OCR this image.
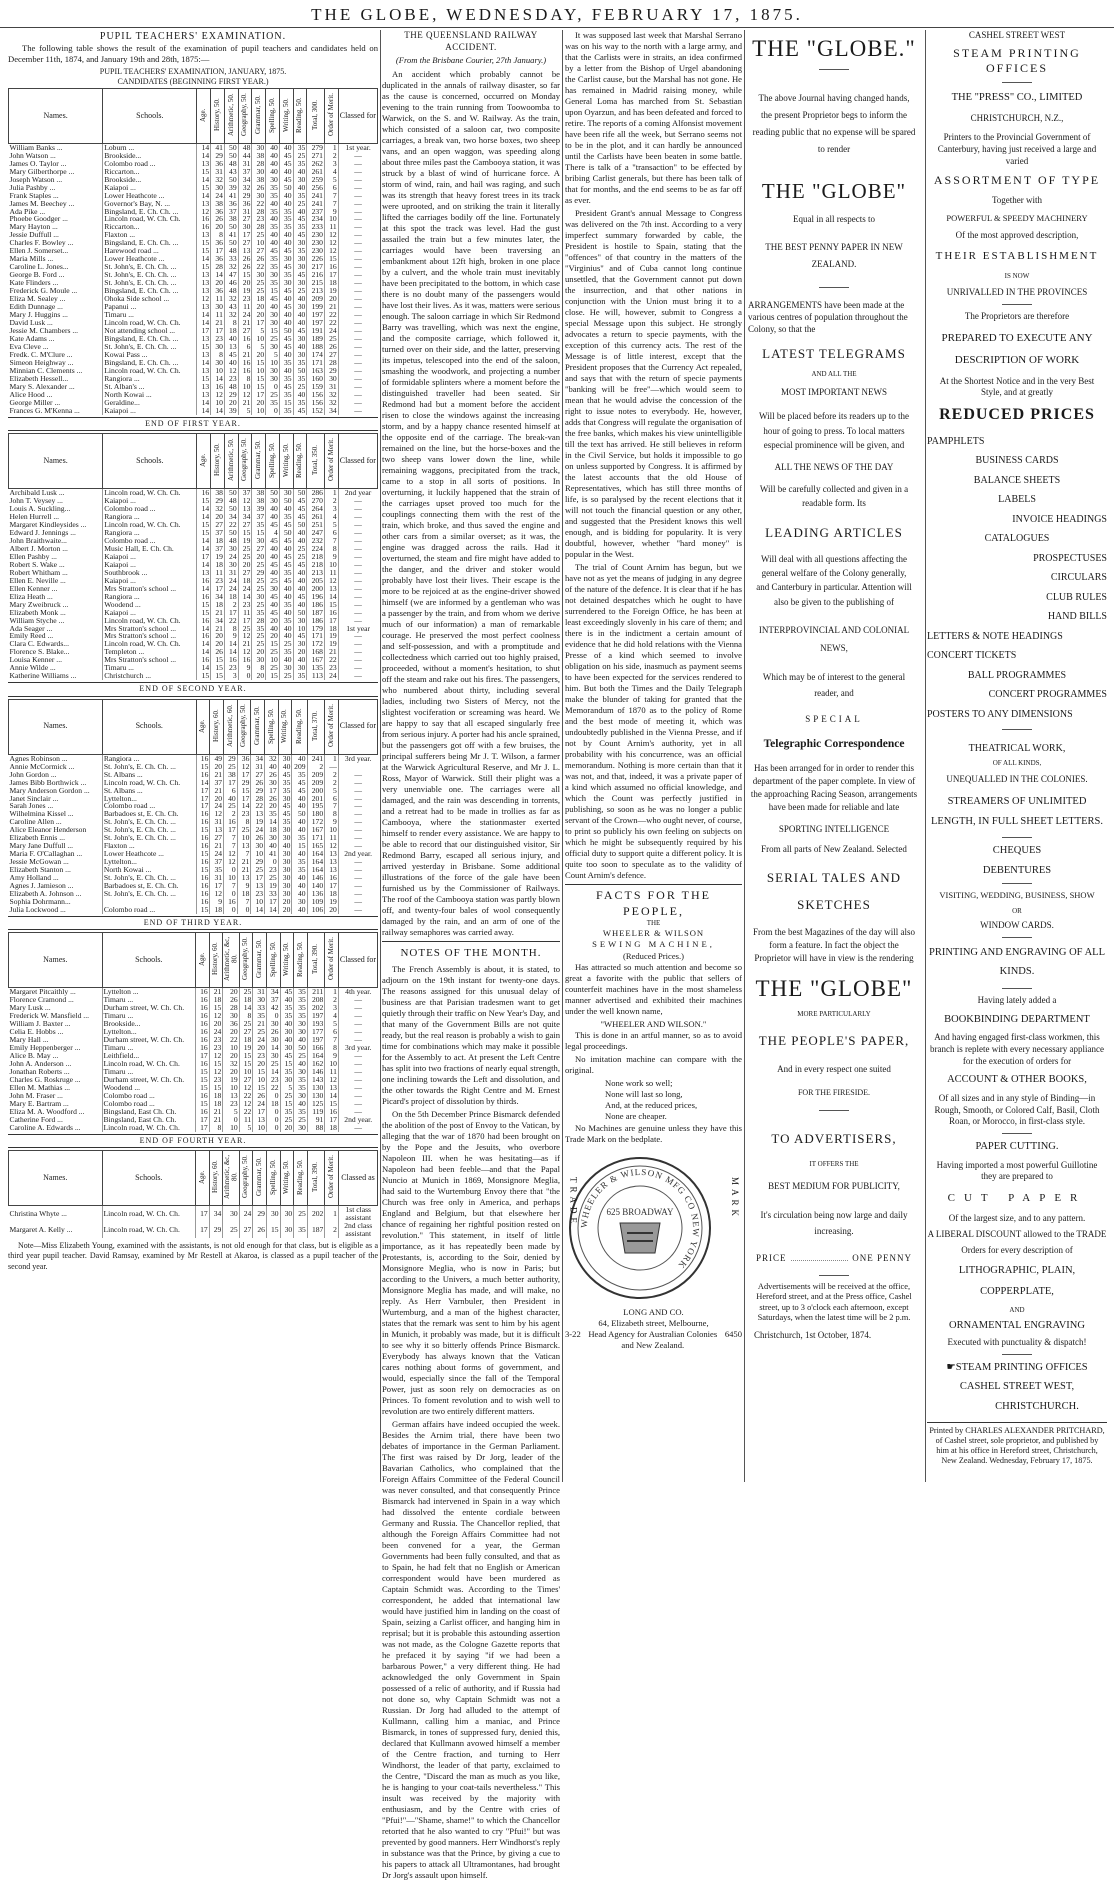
THE GLOBE, WEDNESDAY, FEBRUARY 17, 1875.
PUPIL TEACHERS' EXAMINATION.

The following table shows the result of the examination of pupil teachers and candidates held on December 11th, 1874, and January 19th and 28th, 1875:—

PUPIL TEACHERS' EXAMINATION, JANUARY, 1875.
CANDIDATES (BEGINNING FIRST YEAR.)
Names.	Schools.	Age.	History, 50.	Arithmetic, 50.	Geography, 50.	Grammar, 50.	Spelling, 50.	Writing, 50.	Reading, 50.	Total, 300.	Order of Merit.	Classed for
William Banks ...	Loburn ...	14	41	50	48	30	40	40	35	279	1	1st year.
John Watson ...	Brookside...	14	29	50	44	38	40	45	25	271	2	—
James O. Taylor ...	Colombo road ...	13	36	48	31	28	40	45	35	262	3	—
Mary Gilberthorpe ...	Riccarton...	15	31	43	37	30	40	40	40	261	4	—
Joseph Watson ...	Brookside...	14	32	50	34	38	30	45	30	259	5	—
Julia Pashby ...	Kaiapoi ...	15	30	39	32	26	35	50	40	256	6	—
Frank Staples ...	Lower Heathcote ...	14	24	41	29	30	35	40	35	241	7	—
James M. Beechey ...	Governor's Bay, N. ...	13	38	36	36	22	40	40	25	241	7	—
Ada Pike ...	Bingsland, E. Ch. Ch. ...	12	36	37	31	28	35	35	40	237	9	—
Phoebe Goodger ...	Lincoln road, W. Ch. Ch.	16	26	38	27	23	40	35	45	234	10	—
Mary Hayton ...	Riccarton...	16	20	50	30	28	35	35	35	233	11	—
Jessie Duffull ...	Flaxton ...	13	8	41	17	25	40	40	45	230	12	—
Charles F. Bowley ...	Bingsland, E. Ch. Ch. ...	15	36	50	27	10	40	40	30	230	12	—
Ellen J. Somerset...	Harewood road ...	15	17	48	13	27	45	45	35	230	12	—
Maria Mills ...	Lower Heathcote ...	14	36	33	26	26	35	30	30	226	15	—
Caroline L. Jones...	St. John's, E. Ch. Ch. ...	15	28	32	26	22	35	45	30	217	16	—
George B. Ford ...	St. John's, E. Ch. Ch. ...	13	14	47	15	30	30	35	45	216	17	—
Kate Flinders ...	St. John's, E. Ch. Ch. ...	13	20	46	20	25	35	30	30	215	18	—
Frederick G. Moule ...	Bingsland, E. Ch. Ch. ...	13	36	48	19	25	15	45	25	213	19	—
Eliza M. Sealey ...	Ohoka Side school ...	12	11	32	23	18	45	40	40	209	20	—
Edith Dunnage ...	Papanui ...	13	30	43	11	20	40	45	30	199	21	—
Mary J. Huggins ...	Timaru ...	14	11	32	24	20	30	40	40	197	22	—
David Lusk ...	Lincoln road, W. Ch. Ch.	14	21	8	21	17	30	40	40	197	22	—
Jessie M. Chambers ...	Not attending school ...	17	17	18	27	5	15	50	45	191	24	—
Kate Adams ...	Bingsland, E. Ch. Ch. ...	13	23	40	16	10	25	45	30	189	25	—
Eva Cleve ...	St. John's, E. Ch. Ch. ...	15	30	13	6	5	30	45	40	188	26	—
Fredk. C. M'Clure ...	Kowai Pass ...	13	8	45	21	20	5	40	30	174	27	—
Simeon Heighway ...	Bingsland, E. Ch. Ch. ...	14	30	40	16	15	10	35	35	171	28	—
Minnian C. Clements ...	Lincoln road, W. Ch. Ch.	13	10	12	16	10	30	40	50	163	29	—
Elizabeth Hessell...	Rangiora ...	15	14	23	8	15	30	35	35	160	30	—
Mary S. Alexander ...	St. Alban's ...	13	16	48	10	15	0	45	25	159	31	—
Alice Hood ...	North Kowai ...	13	12	29	12	17	25	35	40	156	32	—
George Miller ...	Geraldine...	14	10	20	21	20	35	15	35	156	32	—
Frances G. M'Kenna ...	Kaiapoi ...	14	14	39	5	10	0	35	45	152	34	—
END OF FIRST YEAR.
Names.	Schools.	Age.	History, 50.	Arithmetic, 50.	Geography, 50.	Grammar, 50.	Spelling, 50.	Writing, 50.	Reading, 50.	Total, 350.	Order of Merit.	Classed for
Archibald Lusk ...	Lincoln road, W. Ch. Ch.	16	38	50	37	38	50	30	50	286	1	2nd year
John T. Veysey ...	Kaiapoi ...	15	29	48	12	38	30	50	45	270	2	—
Louis A. Suckling...	Colombo road ...	14	32	50	13	39	40	40	45	264	3	—
Helen Hurrell ...	Rangiora ...	14	20	34	34	37	40	35	45	261	4	—
Margaret Kindleysides ...	Lincoln road, W. Ch. Ch.	15	27	22	27	35	45	45	50	251	5	—
Edward J. Jennings ...	Rangiora ...	15	37	50	15	15	4	50	40	247	6	—
John Braithwaite...	Colombo road ...	14	18	48	19	30	45	45	40	232	7	—
Albert J. Morton ...	Music Hall, E. Ch. Ch.	14	37	30	25	27	40	40	25	224	8	—
Ellen Pashby ...	Kaiapoi ...	17	19	24	25	20	40	45	25	218	9	—
Robert S. Wake ...	Kaiapoi ...	14	18	30	20	25	45	45	45	218	10	—
Robert Whitham ...	Southbrook ...	13	11	31	27	29	40	35	40	213	11	—
Ellen E. Neville ...	Kaiapoi ...	16	23	24	18	25	25	45	40	205	12	—
Ellen Kenner ...	Mrs Stratton's school ...	14	17	24	24	25	30	40	40	200	13	—
Eliza Heath ...	Rangiora ...	16	34	18	14	30	45	40	45	196	14	—
Mary Zweibruck ...	Woodend ...	15	18	2	23	25	40	35	40	186	15	—
Elizabeth Monk ...	Kaiapoi ...	15	21	17	11	35	45	40	50	187	16	—
William Styche ...	Lincoln road, W. Ch. Ch.	16	34	22	17	28	20	35	30	186	17	—
Ada Seager ...	Mrs Stratton's school ...	14	21	8	25	35	40	40	10	179	18	1st year
Emily Reed ...	Mrs Stratton's school ...	16	20	9	12	25	20	40	45	171	19	—
Clara C. Edwards...	Lincoln road, W. Ch. Ch.	14	20	14	21	25	15	25	30	172	19	—
Florence S. Blake...	Templeton ...	14	26	14	12	20	25	35	20	168	21	—
Louisa Kenner ...	Mrs Stratton's school ...	16	15	16	16	30	10	40	40	167	22	—
Annie Wilde ...	Timaru ...	14	15	23	9	8	25	30	30	135	23	—
Katherine Williams ...	Christchurch ...	15	15	3	0	20	15	25	35	113	24	—
END OF SECOND YEAR.
Names.	Schools.	Age.	History, 60.	Arithmetic, 60.	Geography, 50.	Grammar, 50.	Spelling, 50.	Writing, 50.	Reading, 50.	Total, 370.	Order of Merit.	Classed for
Agnes Robinson ...	Rangiora ...	16	49	29	36	34	32	30	40	241	1	3rd year.
Annie McCormick ...	St. John's, E. Ch. Ch. ...	15	20	25	12	31	40	40	209	2	—	
John Gordon ...	St. Albans ...	16	21	38	17	27	26	45	35	209	2	—
James Bibb Borthwick ...	Lincoln road, W. Ch. Ch.	14	37	17	29	26	30	35	45	209	2	—
Mary Anderson Gordon ...	St. Albans ...	17	21	6	15	29	17	35	45	200	5	—
Janet Sinclair ...	Lyttelton...	17	20	40	17	28	26	30	40	201	6	—
Sarah Jones ...	Colombo road ...	17	24	25	14	22	20	45	40	195	7	—
Wilhelmina Kissel ...	Barbadoes st, E. Ch. Ch.	16	12	2	23	13	35	45	50	180	8	—
Caroline Allen ...	St. John's, E. Ch. Ch. ...	16	31	16	8	19	14	35	40	172	9	—
Alice Eleanor Henderson	St. John's, E. Ch. Ch. ...	15	13	17	25	24	18	30	40	167	10	—
Elizabeth Ennis ...	St. John's, E. Ch. Ch. ...	16	27	7	10	26	30	30	35	171	11	—
Mary Jane Duffull ...	Flaxton ...	16	21	7	13	30	40	40	15	165	12	—
Maria F. O'Callaghan ...	Lower Heathcote ...	15	24	12	7	10	41	30	40	164	13	2nd year.
Jessie McGowan ...	Lyttelton...	16	37	12	21	29	0	30	35	164	13	—
Elizabeth Stanton ...	North Kowai ...	15	35	0	21	25	23	30	35	164	13	—
Amy Holland ...	St. John's, E. Ch. Ch. ...	16	31	10	13	17	25	30	40	146	16	—
Agnes J. Jamieson ...	Barbadoes st, E. Ch. Ch.	16	17	7	9	13	19	30	40	140	17	—
Elizabeth A. Johnson ...	St. John's, E. Ch. Ch. ...	16	12	0	18	23	33	30	40	136	18	—
Sophia Dohrmann...		16	9	16	7	10	17	20	30	109	19	—
Julia Lockwood ...	Colombo road ...	15	18	0	0	14	14	20	40	106	20	—
END OF THIRD YEAR.
Names.	Schools.	Age.	History, 60.	Arithmetic, &c, 80.	Geography, 50.	Grammar, 50.	Spelling, 50.	Writing, 50.	Reading, 50.	Total, 390.	Order of Merit.	Classed for
Margaret Pitcaithly ...	Lyttelton ...	16	21	20	25	31	34	45	35	211	1	4th year.
Florence Cramond ...	Timaru ...	16	18	26	18	30	37	40	35	208	2	—
Mary Lusk ...	Durham street, W. Ch. Ch.	16	15	28	14	33	42	35	35	202	3	—
Frederick W. Mansfield ...	Timaru ...	16	12	30	8	35	0	35	35	197	4	—
William J. Baxter ...	Brookside...	16	20	36	25	21	30	40	30	193	5	—
Celia E. Hobbs ...	Lyttelton...	16	24	20	27	25	26	30	30	177	6	—
Mary Hall ...	Durham street, W. Ch. Ch.	16	23	22	18	24	30	40	40	197	7	—
Emily Heppenberger ...	Timaru ...	16	23	10	19	20	14	30	50	166	8	3rd year.
Alice B. May ...	Leithfield...	17	12	20	15	23	30	45	25	164	9	—
John A. Anderson ...	Lincoln road, W. Ch. Ch.	16	15	32	15	20	25	15	40	162	10	—
Jonathan Roberts ...	Timaru ...	15	12	20	10	15	14	35	30	146	11	—
Charles G. Roskruge ...	Durham street, W. Ch. Ch.	15	23	19	27	10	23	30	35	143	12	—
Ellen M. Mathias ...	Woodend ...	15	15	10	12	15	22	5	35	130	13	—
John M. Fraser ...	Colombo road ...	16	18	13	22	26	0	25	30	130	14	—
Mary E. Bartram ...	Colombo road ...	15	18	23	12	24	18	15	40	125	15	—
Eliza M. A. Woodford ...	Bingsland, East Ch. Ch.	16	21	5	22	17	0	35	35	119	16	—
Catherine Ford ...	Bingsland, East Ch. Ch.	17	21	0	11	13	0	25	25	91	17	2nd year.
Caroline A. Edwards ...	Lincoln road, W. Ch. Ch.	17	8	10	5	10	0	20	30	88	18	—
END OF FOURTH YEAR.
Names.	Schools.	Age.	History, 60.	Arithmetic, &c, 80.	Geography, 50.	Grammar, 50.	Spelling, 50.	Writing, 50.	Reading, 50.	Total, 390.	Order of Merit.	Classed as
Christina Whyte ...	Lincoln road, W. Ch. Ch.	17	34	30	24	29	30	30	25	202	1	1st class assistant
Margaret A. Kelly ...	Lincoln road, W. Ch. Ch.	17	29	25	27	26	15	30	35	187	2	2nd class assistant

Note—Miss Elizabeth Young, examined with the assistants, is not old enough for that class, but is eligible as a third year pupil teacher. David Ramsay, examined by Mr Restell at Akaroa, is classed as a pupil teacher of the second year.

THE QUEENSLAND RAILWAY ACCIDENT.
(From the Brisbane Courier, 27th January.)

An accident which probably cannot be duplicated in the annals of railway disaster, so far as the cause is concerned, occurred on Monday evening to the train running from Toowoomba to Warwick, on the S. and W. Railway. As the train, which consisted of a saloon car, two composite carriages, a break van, two horse boxes, two sheep vans, and an open waggon, was speeding along about three miles past the Cambooya station, it was struck by a blast of wind of hurricane force. A storm of wind, rain, and hail was raging, and such was its strength that heavy forest trees in its track were uprooted, and on striking the train it literally lifted the carriages bodily off the line. Fortunately at this spot the track was level. Had the gust assailed the train but a few minutes later, the carriages would have been traversing an embankment about 12ft high, broken in one place by a culvert, and the whole train must inevitably have been precipitated to the bottom, in which case there is no doubt many of the passengers would have lost their lives. As it was, matters were serious enough. The saloon carriage in which Sir Redmond Barry was travelling, which was next the engine, and the composite carriage, which followed it, turned over on their side, and the latter, preserving its impetus, telescoped into the end of the saloon, smashing the woodwork, and projecting a number of formidable splinters where a moment before the distinguished traveller had been seated. Sir Redmond had but a moment before the accident risen to close the windows against the increasing storm, and by a happy chance resented himself at the opposite end of the carriage. The break-van remained on the line, but the horse-boxes and the two sheep vans lower down the line, while remaining waggons, precipitated from the track, came to a stop in all sorts of positions. In overturning, it luckily happened that the strain of the carriages upset proved too much for the couplings connecting them with the rest of the train, which broke, and thus saved the engine and other cars from a similar overset; as it was, the engine was dragged across the rails. Had it overturned, the steam and fire might have added to the danger, and the driver and stoker would probably have lost their lives. Their escape is the more to be rejoiced at as the engine-driver showed himself (we are informed by a gentleman who was a passenger by the train, and from whom we derive much of our information) a man of remarkable courage. He preserved the most perfect coolness and self-possession, and with a promptitude and collectedness which carried out too highly praised, proceeded, without a moment's hesitation, to shut off the steam and rake out his fires. The passengers, who numbered about thirty, including several ladies, including two Sisters of Mercy, not the slightest vociferation or screaming was heard. We are happy to say that all escaped singularly free from serious injury. A porter had his ancle sprained, but the passengers got off with a few bruises, the principal sufferers being Mr J. T. Wilson, a farmer at the Warwick Agricultural Reserve, and Mr J. L. Ross, Mayor of Warwick. Still their plight was a very unenviable one. The carriages were all damaged, and the rain was descending in torrents, and a retreat had to be made in trollies as far as Cambooya, where the stationmaster exerted himself to render every assistance. We are happy to be able to record that our distinguished visitor, Sir Redmond Barry, escaped all serious injury, and arrived yesterday in Brisbane. Some additional illustrations of the force of the gale have been furnished us by the Commissioner of Railways. The roof of the Cambooya station was partly blown off, and twenty-four bales of wool consequently damaged by the rain, and an arm of one of the railway semaphores was carried away.

NOTES OF THE MONTH.

The French Assembly is about, it is stated, to adjourn on the 19th instant for twenty-one days. The reasons assigned for this unusual delay of business are that Parisian tradesmen want to get quietly through their traffic on New Year's Day, and that many of the Government Bills are not quite ready, but the real reason is probably a wish to gain time for combinations which may make it possible for the Assembly to act. At present the Left Centre has split into two fractions of nearly equal strength, one inclining towards the Left and dissolution, and the other towards the Right Centre and M. Ernest Picard's project of dissolution by thirds.

On the 5th December Prince Bismarck defended the abolition of the post of Envoy to the Vatican, by alleging that the war of 1870 had been brought on by the Pope and the Jesuits, who overbore Napoleon III. when he was hesitating—as if Napoleon had been feeble—and that the Papal Nuncio at Munich in 1869, Monsignore Meglia, had said to the Wurtemburg Envoy there that "the Church was free only in America, and perhaps England and Belgium, but that elsewhere her chance of regaining her rightful position rested on revolution." This statement, in itself of little importance, as it has repeatedly been made by Protestants, is, according to the Soir, denied by Monsignore Meglia, who is now in Paris; but according to the Univers, a much better authority, Monsignore Meglia has made, and will make, no reply. As Herr Varnbuler, then President in Wurtemburg, and a man of the highest character, states that the remark was sent to him by his agent in Munich, it probably was made, but it is difficult to see why it so bitterly offends Prince Bismarck. Everybody has always known that the Vatican cares nothing about forms of government, and would, especially since the fall of the Temporal Power, just as soon rely on democracies as on Princes. To foment revolution and to wish well to revolution are two entirely different matters.

German affairs have indeed occupied the week. Besides the Arnim trial, there have been two debates of importance in the German Parliament. The first was raised by Dr Jorg, leader of the Bavarian Catholics, who complained that the Foreign Affairs Committee of the Federal Council was never consulted, and that consequently Prince Bismarck had intervened in Spain in a way which had dissolved the entente cordiale between Germany and Russia. The Chancellor replied, that although the Foreign Affairs Committee had not been convened for a year, the German Governments had been fully consulted, and that as to Spain, he had felt that no English or American correspondent would have been murdered as Captain Schmidt was. According to the Times' correspondent, he added that international law would have justified him in landing on the coast of Spain, seizing a Carlist officer, and hanging him in reprisal; but it is probable this astounding assertion was not made, as the Cologne Gazette reports that he prefaced it by saying "if we had been a barbarous Power," a very different thing. He had acknowledged the only Government in Spain possessed of a relic of authority, and if Russia had not done so, why Captain Schmidt was not a Russian. Dr Jorg had alluded to the attempt of Kullmann, calling him a maniac, and Prince Bismarck, in tones of suppressed fury, denied this, declared that Kullmann avowed himself a member of the Centre fraction, and turning to Herr Windhorst, the leader of that party, exclaimed to the Centre, "Discard the man as much as you like, he is hanging to your coat-tails nevertheless." This insult was received by the majority with enthusiasm, and by the Centre with cries of "Pfui!"—"Shame, shame!" to which the Chancellor retorted that he also wanted to cry "Pfui!" but was prevented by good manners. Herr Windhorst's reply in substance was that the Prince, by giving a cue to his papers to attack all Ultramontanes, had brought Dr Jorg's assault upon himself.

It was supposed last week that Marshal Serrano was on his way to the north with a large army, and that the Carlists were in straits, an idea confirmed by a letter from the Bishop of Urgel abandoning the Carlist cause, but the Marshal has not gone. He has remained in Madrid raising money, while General Loma has marched from St. Sebastian upon Oyarzun, and has been defeated and forced to retire. The reports of a coming Alfonsist movement have been rife all the week, but Serrano seems not to be in the plot, and it can hardly be announced until the Carlists have been beaten in some battle. There is talk of a "transaction" to be effected by bribing Carlist generals, but there has been talk of that for months, and the end seems to be as far off as ever.

President Grant's annual Message to Congress was delivered on the 7th inst. According to a very imperfect summary forwarded by cable, the President is hostile to Spain, stating that the "offences" of that country in the matters of the "Virginius" and of Cuba cannot long continue unsettled, that the Government cannot put down the insurrection, and that other nations in conjunction with the Union must bring it to a close. He will, however, submit to Congress a special Message upon this subject. He strongly advocates a return to specie payments, with the exception of this currency acts. The rest of the Message is of little interest, except that the President proposes that the Currency Act repealed, and says that with the return of specie payments "banking will be free"—which would seem to mean that he would advise the concession of the right to issue notes to everybody. He, however, adds that Congress will regulate the organisation of the free banks, which makes his view unintelligible till the text has arrived. He still believes in reform in the Civil Service, but holds it impossible to go on unless supported by Congress. It is affirmed by the latest accounts that the old House of Representatives, which has still three months of life, is so paralysed by the recent elections that it will not touch the financial question or any other, and suggested that the President knows this well enough, and is bidding for popularity. It is very doubtful, however, whether "hard money" is popular in the West.

The trial of Count Arnim has begun, but we have not as yet the means of judging in any degree of the nature of the defence. It is clear that if he has not detained despatches which he ought to have surrendered to the Foreign Office, he has been at least exceedingly slovenly in his care of them; and there is in the indictment a certain amount of evidence that he did hold relations with the Vienna Presse of a kind which seemed to involve obligation on his side, inasmuch as payment seems to have been expected for the services rendered to him. But both the Times and the Daily Telegraph make the blunder of taking for granted that the Memorandum of 1870 as to the policy of Rome and the best mode of meeting it, which was undoubtedly published in the Vienna Presse, and if not by Count Arnim's authority, yet in all probability with his concurrence, was an official memorandum. Nothing is more certain than that it was not, and that, indeed, it was a private paper of a kind which assumed no official knowledge, and which the Count was perfectly justified in publishing, so soon as he was no longer a public servant of the Crown—who ought never, of course, to print so publicly his own feeling on subjects on which he might be subsequently required by his official duty to support quite a different policy. It is quite too soon to speculate as to the validity of Count Arnim's defence.

FACTS FOR THE PEOPLE,
THE
WHEELER & WILSON
SEWING MACHINE,
(Reduced Prices.)

Has attracted so much attention and become so great a favorite with the public that sellers of counterfeit machines have in the most shameless manner advertised and exhibited their machines under the well known name,

"WHEELER AND WILSON."

This is done in an artful manner, so as to avoid legal proceedings.

No imitation machine can compare with the original.

None work so well;
None will last so long,
And, at the reduced prices,
None are cheaper.

No Machines are genuine unless they have this Trade Mark on the bedplate.

TRADE	MARK
WHEELER & WILSON MFG CO NEW YORK
625 BROADWAY
LONG AND CO.
64, Elizabeth street, Melbourne,
3-22 Head Agency for Australian Colonies and New Zealand.
6450
THE "GLOBE."

The above Journal having changed hands, the present Proprietor begs to inform the reading public that no expense will be spared to render

THE "GLOBE"

Equal in all respects to

THE BEST PENNY PAPER IN NEW ZEALAND.

ARRANGEMENTS have been made at the various centres of population throughout the Colony, so that the

LATEST TELEGRAMS
AND ALL THE
MOST IMPORTANT NEWS

Will be placed before its readers up to the hour of going to press. To local matters especial prominence will be given, and

ALL THE NEWS OF THE DAY

Will be carefully collected and given in a readable form. Its

LEADING ARTICLES

Will deal with all questions affecting the general welfare of the Colony generally, and Canterbury in particular. Attention will also be given to the publishing of

INTERPROVINCIAL AND COLONIAL NEWS,

Which may be of interest to the general reader, and

SPECIAL
Telegraphic Correspondence

Has been arranged for in order to render this department of the paper complete. In view of the approaching Racing Season, arrangements have been made for reliable and late

SPORTING INTELLIGENCE

From all parts of New Zealand. Selected

SERIAL TALES AND SKETCHES

From the best Magazines of the day will also form a feature. In fact the object the Proprietor will have in view is the rendering

THE "GLOBE"
MORE PARTICULARLY
THE PEOPLE'S PAPER,

And in every respect one suited

FOR THE FIRESIDE.
TO ADVERTISERS,
IT OFFERS THE
BEST MEDIUM FOR PUBLICITY,

It's circulation being now large and daily increasing.

PRICE	ONE PENNY

Advertisements will be received at the office, Hereford street, and at the Press office, Cashel street, up to 3 o'clock each afternoon, except Saturdays, when the latest time will be 2 p.m.

Christchurch, 1st October, 1874.
CASHEL STREET WEST
STEAM PRINTING OFFICES
THE "PRESS" CO., LIMITED
CHRISTCHURCH, N.Z.,

Printers to the Provincial Government of Canterbury, having just received a large and varied

ASSORTMENT OF TYPE
Together with
POWERFUL & SPEEDY MACHINERY
Of the most approved description,
THEIR ESTABLISHMENT
IS NOW
UNRIVALLED IN THE PROVINCES
The Proprietors are therefore
PREPARED TO EXECUTE ANY
DESCRIPTION OF WORK

At the Shortest Notice and in the very Best Style, and at greatly

REDUCED PRICES
PAMPHLETS
BUSINESS CARDS
BALANCE SHEETS
LABELS
INVOICE HEADINGS
CATALOGUES
PROSPECTUSES
CIRCULARS
CLUB RULES
HAND BILLS
LETTERS & NOTE HEADINGS
CONCERT TICKETS
BALL PROGRAMMES
CONCERT PROGRAMMES
POSTERS TO ANY DIMENSIONS
THEATRICAL WORK,
OF ALL KINDS,
UNEQUALLED IN THE COLONIES.
STREAMERS OF UNLIMITED LENGTH, IN FULL SHEET LETTERS.
CHEQUES
DEBENTURES
VISITING, WEDDING, BUSINESS, SHOW
OR
WINDOW CARDS.
PRINTING AND ENGRAVING OF ALL KINDS.
Having lately added a
BOOKBINDING DEPARTMENT

And having engaged first-class workmen, this branch is replete with every necessary appliance for the execution of orders for

ACCOUNT & OTHER BOOKS,

Of all sizes and in any style of Binding—in Rough, Smooth, or Colored Calf, Basil, Cloth Roan, or Morocco, in first-class style.

PAPER CUTTING.

Having imported a most powerful Guillotine they are prepared to

CUT PAPER

Of the largest size, and to any pattern.

A LIBERAL DISCOUNT allowed to the TRADE

Orders for every description of

LITHOGRAPHIC, PLAIN, COPPERPLATE,
AND
ORNAMENTAL ENGRAVING

Executed with punctuality & dispatch!

☛STEAM PRINTING OFFICES
CASHEL STREET WEST,
CHRISTCHURCH.

Printed by CHARLES ALEXANDER PRITCHARD, of Cashel street, sole proprietor, and published by him at his office in Hereford street, Christchurch, New Zealand. Wednesday, February 17, 1875.
